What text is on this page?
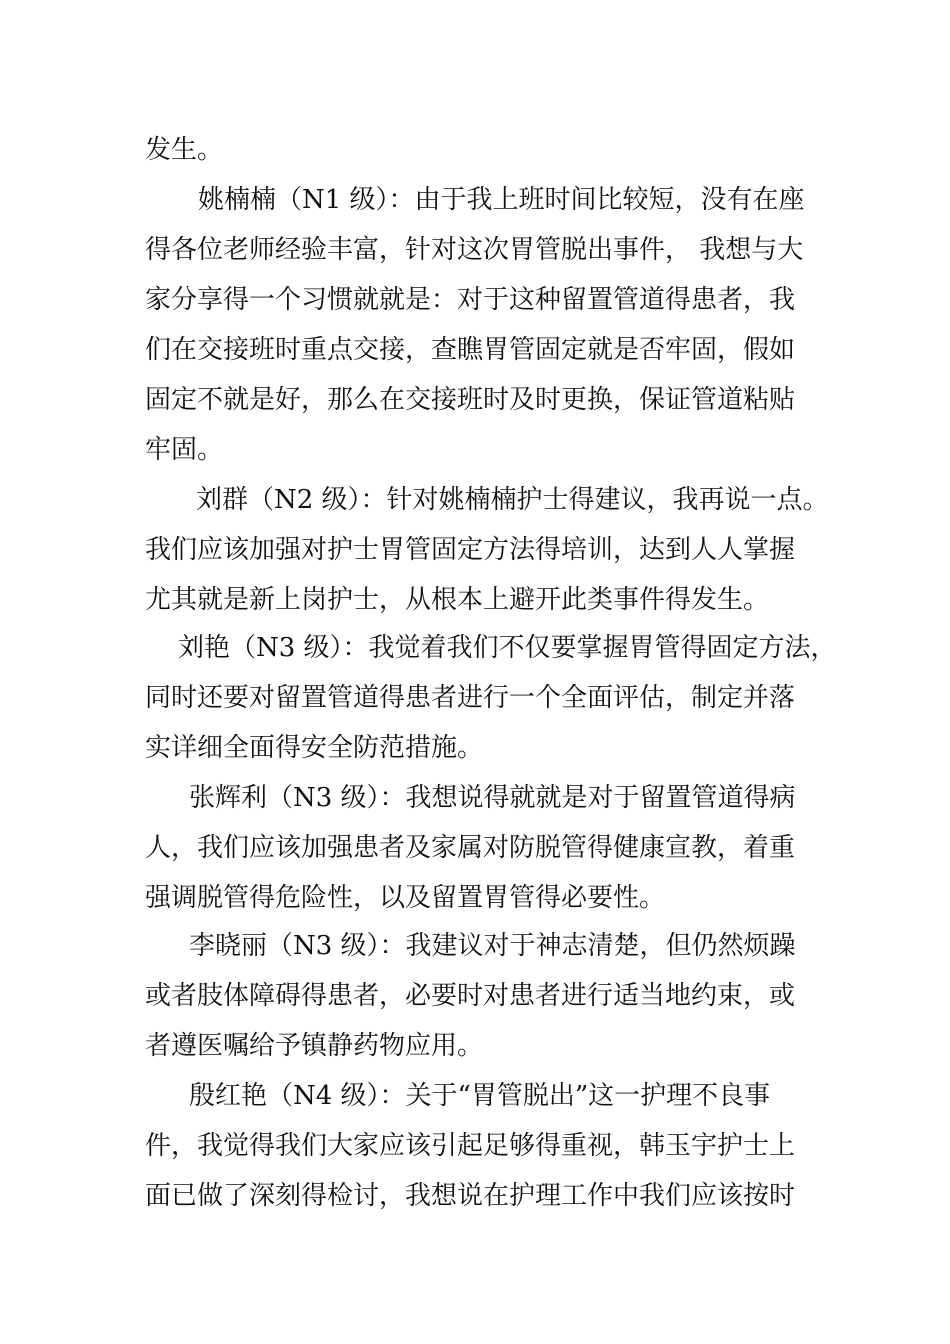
发生。
姚楠楠（N1 级）：由于我上班时间比较短，没有在座
得各位老师经验丰富，针对这次胃管脱出事件， 我想与大
家分享得一个习惯就就是：对于这种留置管道得患者，我
们在交接班时重点交接，查瞧胃管固定就是否牢固，假如
固定不就是好，那么在交接班时及时更换，保证管道粘贴
牢固。
刘群（N2 级）：针对姚楠楠护士得建议，我再说一点。
我们应该加强对护士胃管固定方法得培训，达到人人掌握
尤其就是新上岗护士，从根本上避开此类事件得发生。
刘艳（N3 级）：我觉着我们不仅要掌握胃管得固定方法，
同时还要对留置管道得患者进行一个全面评估，制定并落
实详细全面得安全防范措施。
张辉利（N3 级）：我想说得就就是对于留置管道得病
人，我们应该加强患者及家属对防脱管得健康宣教，着重
强调脱管得危险性，以及留置胃管得必要性。
李晓丽（N3 级）：我建议对于神志清楚，但仍然烦躁
或者肢体障碍得患者，必要时对患者进行适当地约束，或
者遵医嘱给予镇静药物应用。
殷红艳（N4 级）：关于“胃管脱出”这一护理不良事
件，我觉得我们大家应该引起足够得重视，韩玉宇护士上
面已做了深刻得检讨，我想说在护理工作中我们应该按时
